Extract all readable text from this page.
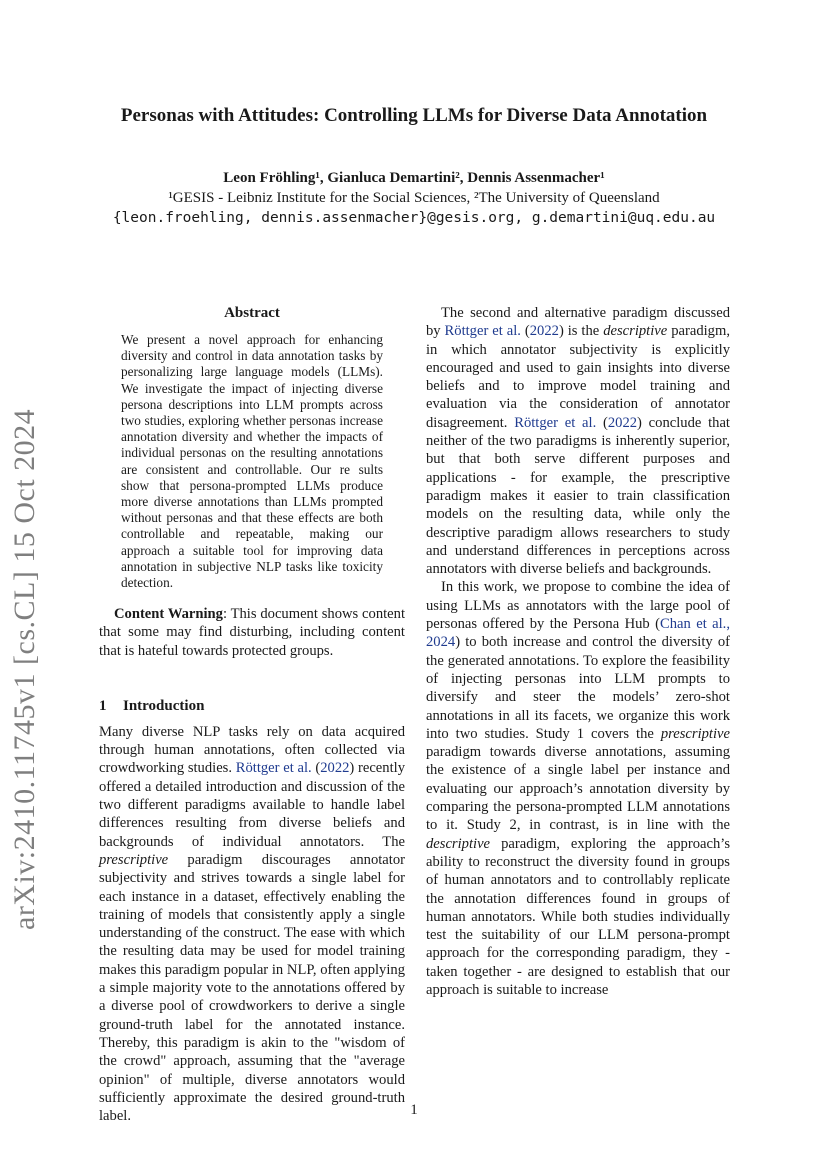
arXiv:2410.11745v1 [cs.CL] 15 Oct 2024
Personas with Attitudes: Controlling LLMs for Diverse Data Annotation
Leon Fröhling¹, Gianluca Demartini², Dennis Assenmacher¹
¹GESIS - Leibniz Institute for the Social Sciences, ²The University of Queensland
{leon.froehling, dennis.assenmacher}@gesis.org, g.demartini@uq.edu.au
Abstract

We present a novel approach for enhancing diversity and control in data annotation tasks by personalizing large language models (LLMs). We investigate the impact of injecting diverse persona descriptions into LLM prompts across two studies, exploring whether personas increase annotation diversity and whether the impacts of individual personas on the resulting annotations are consistent and controllable. Our re sults show that persona-prompted LLMs produce more diverse annotations than LLMs prompted without personas and that these effects are both controllable and repeatable, making our approach a suitable tool for improving data annotation in subjective NLP tasks like toxicity detection.

Content Warning: This document shows content that some may find disturbing, including content that is hateful towards protected groups.

1 Introduction

Many diverse NLP tasks rely on data acquired through human annotations, often collected via crowdworking studies. Röttger et al. (2022) recently offered a detailed introduction and discussion of the two different paradigms available to handle label differences resulting from diverse beliefs and backgrounds of individual annotators. The prescriptive paradigm discourages annotator subjectivity and strives towards a single label for each instance in a dataset, effectively enabling the training of models that consistently apply a single understanding of the construct. The ease with which the resulting data may be used for model training makes this paradigm popular in NLP, often applying a simple majority vote to the annotations offered by a diverse pool of crowdworkers to derive a single ground-truth label for the annotated instance. Thereby, this paradigm is akin to the "wisdom of the crowd" approach, assuming that the "average opinion" of multiple, diverse annotators would sufficiently approximate the desired ground-truth label.

The second and alternative paradigm discussed by Röttger et al. (2022) is the descriptive paradigm, in which annotator subjectivity is explicitly encouraged and used to gain insights into diverse beliefs and to improve model training and evaluation via the consideration of annotator disagreement. Röttger et al. (2022) conclude that neither of the two paradigms is inherently superior, but that both serve different purposes and applications - for example, the prescriptive paradigm makes it easier to train classification models on the resulting data, while only the descriptive paradigm allows researchers to study and understand differences in perceptions across annotators with diverse beliefs and backgrounds.

In this work, we propose to combine the idea of using LLMs as annotators with the large pool of personas offered by the Persona Hub (Chan et al., 2024) to both increase and control the diversity of the generated annotations. To explore the feasibility of injecting personas into LLM prompts to diversify and steer the models’ zero-shot annotations in all its facets, we organize this work into two studies. Study 1 covers the prescriptive paradigm towards diverse annotations, assuming the existence of a single label per instance and evaluating our approach’s annotation diversity by comparing the persona-prompted LLM annotations to it. Study 2, in contrast, is in line with the descriptive paradigm, exploring the approach’s ability to reconstruct the diversity found in groups of human annotators and to controllably replicate the annotation differences found in groups of human annotators. While both studies individually test the suitability of our LLM persona-prompt approach for the corresponding paradigm, they - taken together - are designed to establish that our approach is suitable to increase

1
